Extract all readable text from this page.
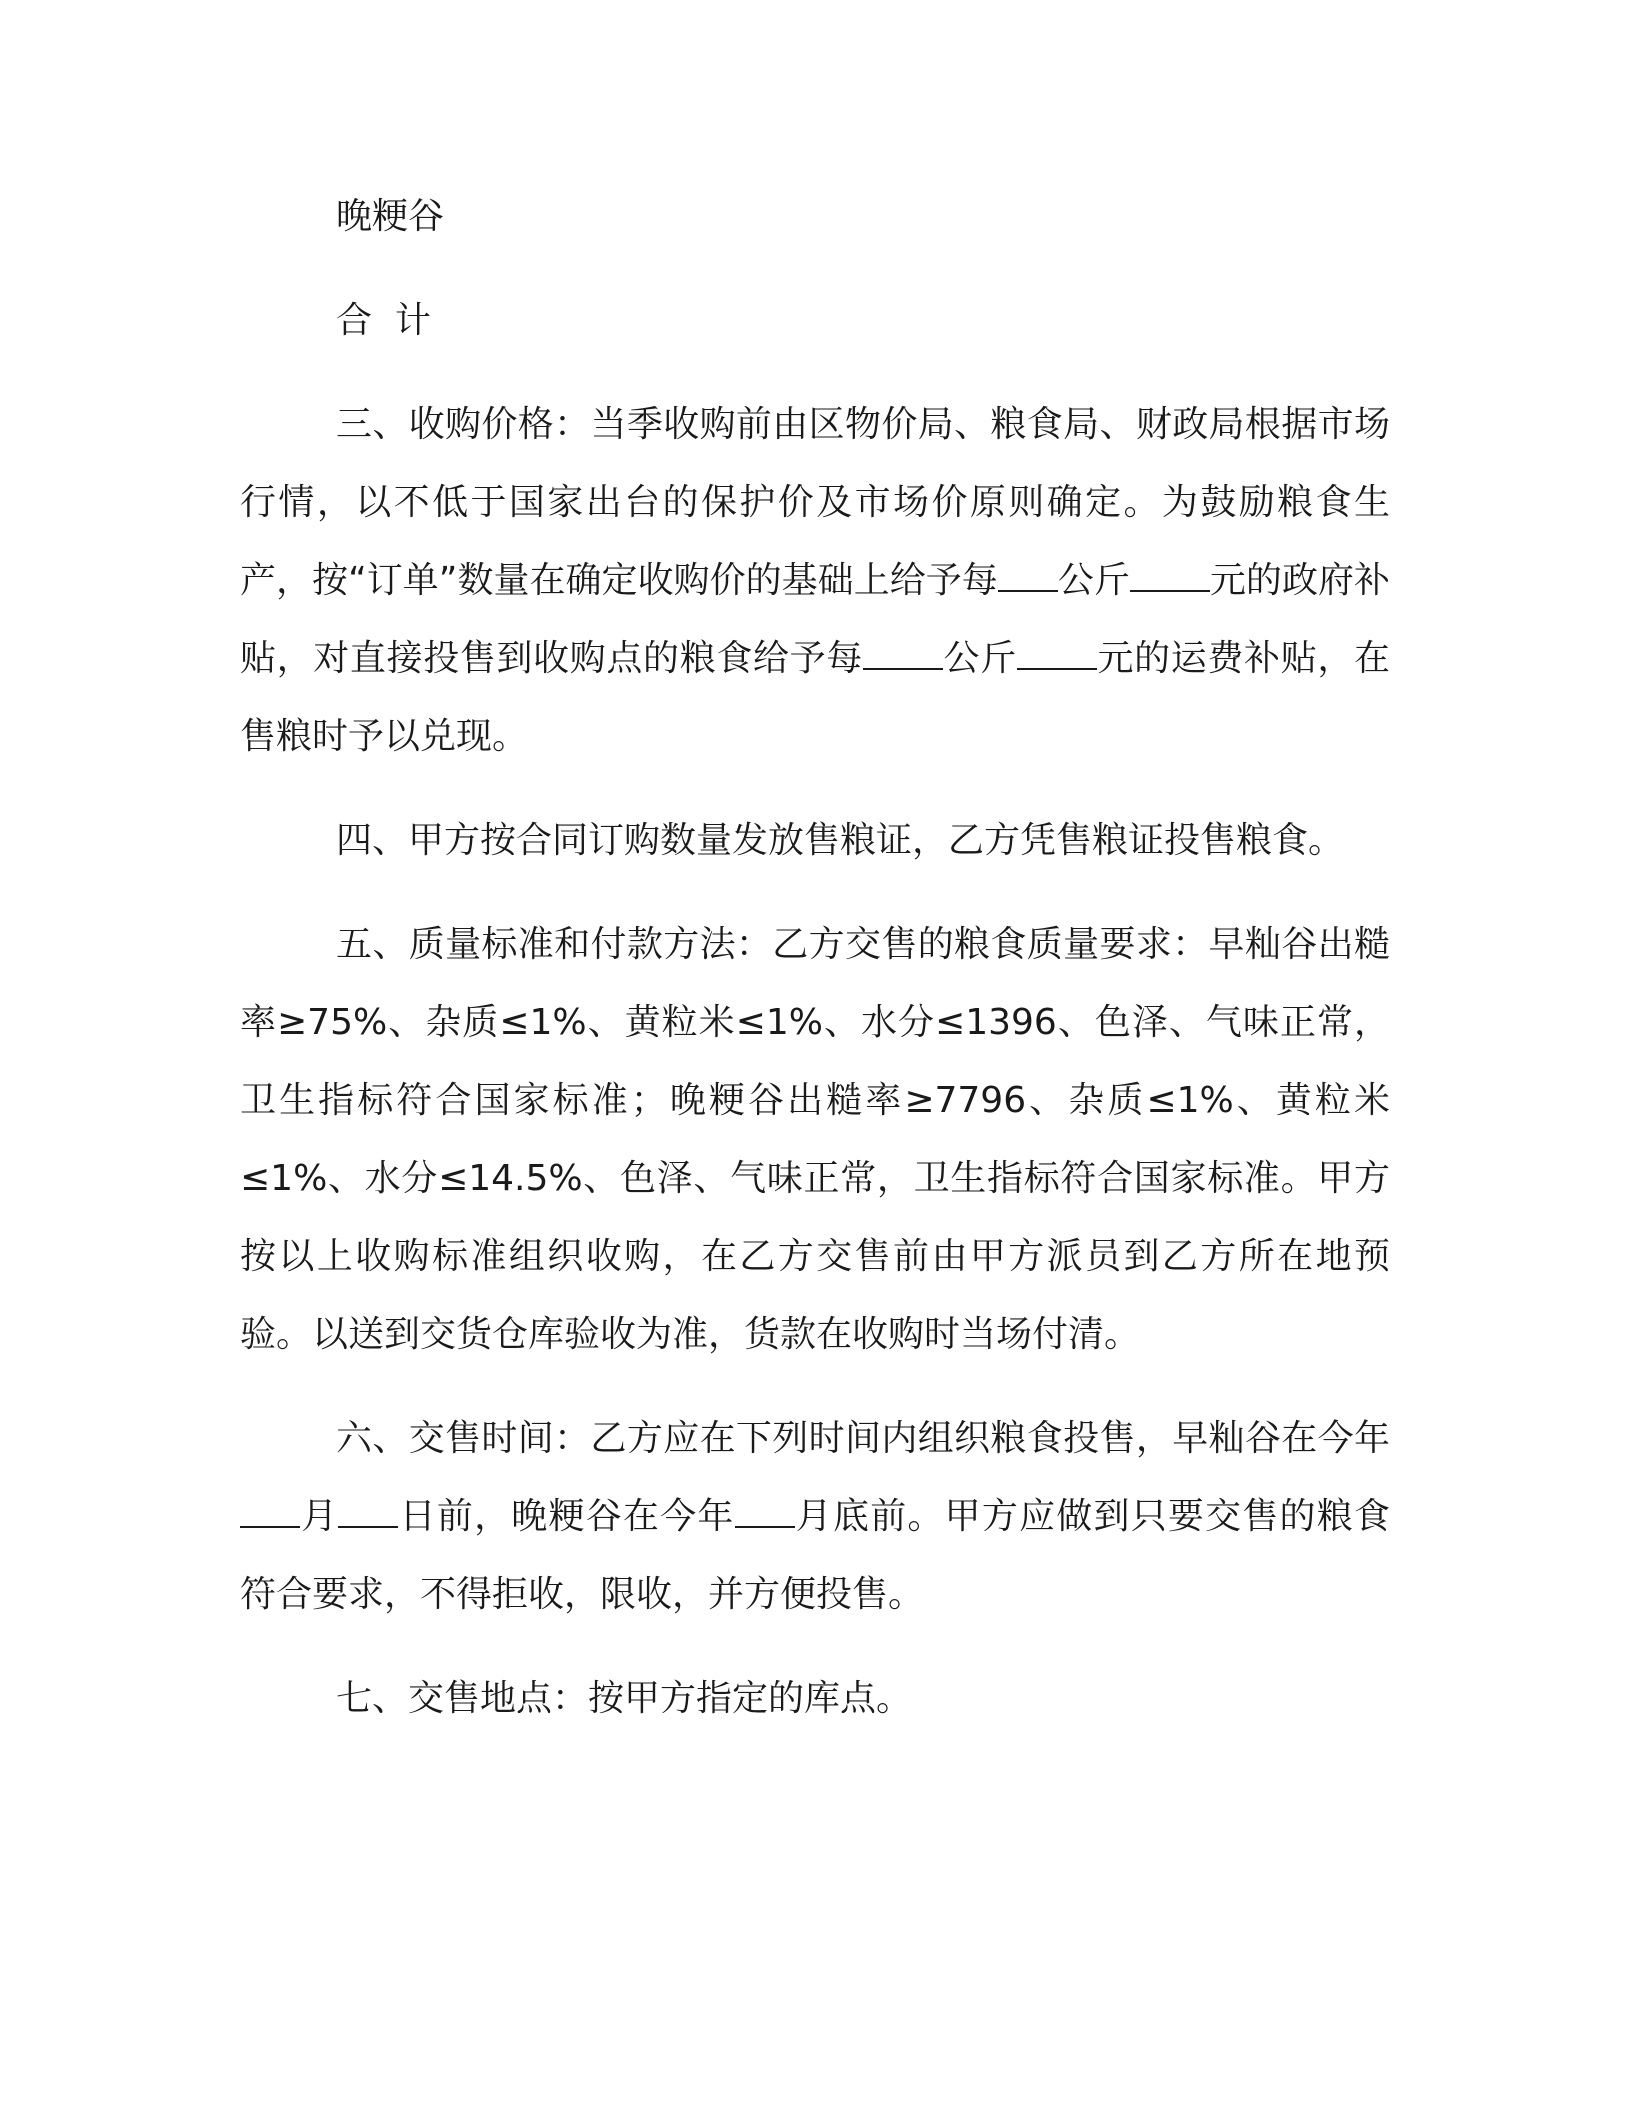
晚粳谷

合  计

三、收购价格：当季收购前由区物价局、粮食局、财政局根据市场行情，以不低于国家出台的保护价及市场价原则确定。为鼓励粮食生产，按“订单”数量在确定收购价的基础上给予每 公斤 元的政府补贴，对直接投售到收购点的粮食给予每 公斤 元的运费补贴，在售粮时予以兑现。

四、甲方按合同订购数量发放售粮证，乙方凭售粮证投售粮食。

五、质量标准和付款方法：乙方交售的粮食质量要求：早籼谷出糙率≥75%、杂质≤1%、黄粒米≤1%、水分≤1396、色泽、气味正常，卫生指标符合国家标准；晚粳谷出糙率≥7796、杂质≤1%、黄粒米≤1%、水分≤14.5%、色泽、气味正常，卫生指标符合国家标准。甲方按以上收购标准组织收购，在乙方交售前由甲方派员到乙方所在地预验。以送到交货仓库验收为准，货款在收购时当场付清。

六、交售时间：乙方应在下列时间内组织粮食投售，早籼谷在今年月 日前，晚粳谷在今年 月底前。甲方应做到只要交售的粮食符合要求，不得拒收，限收，并方便投售。

七、交售地点：按甲方指定的库点。
